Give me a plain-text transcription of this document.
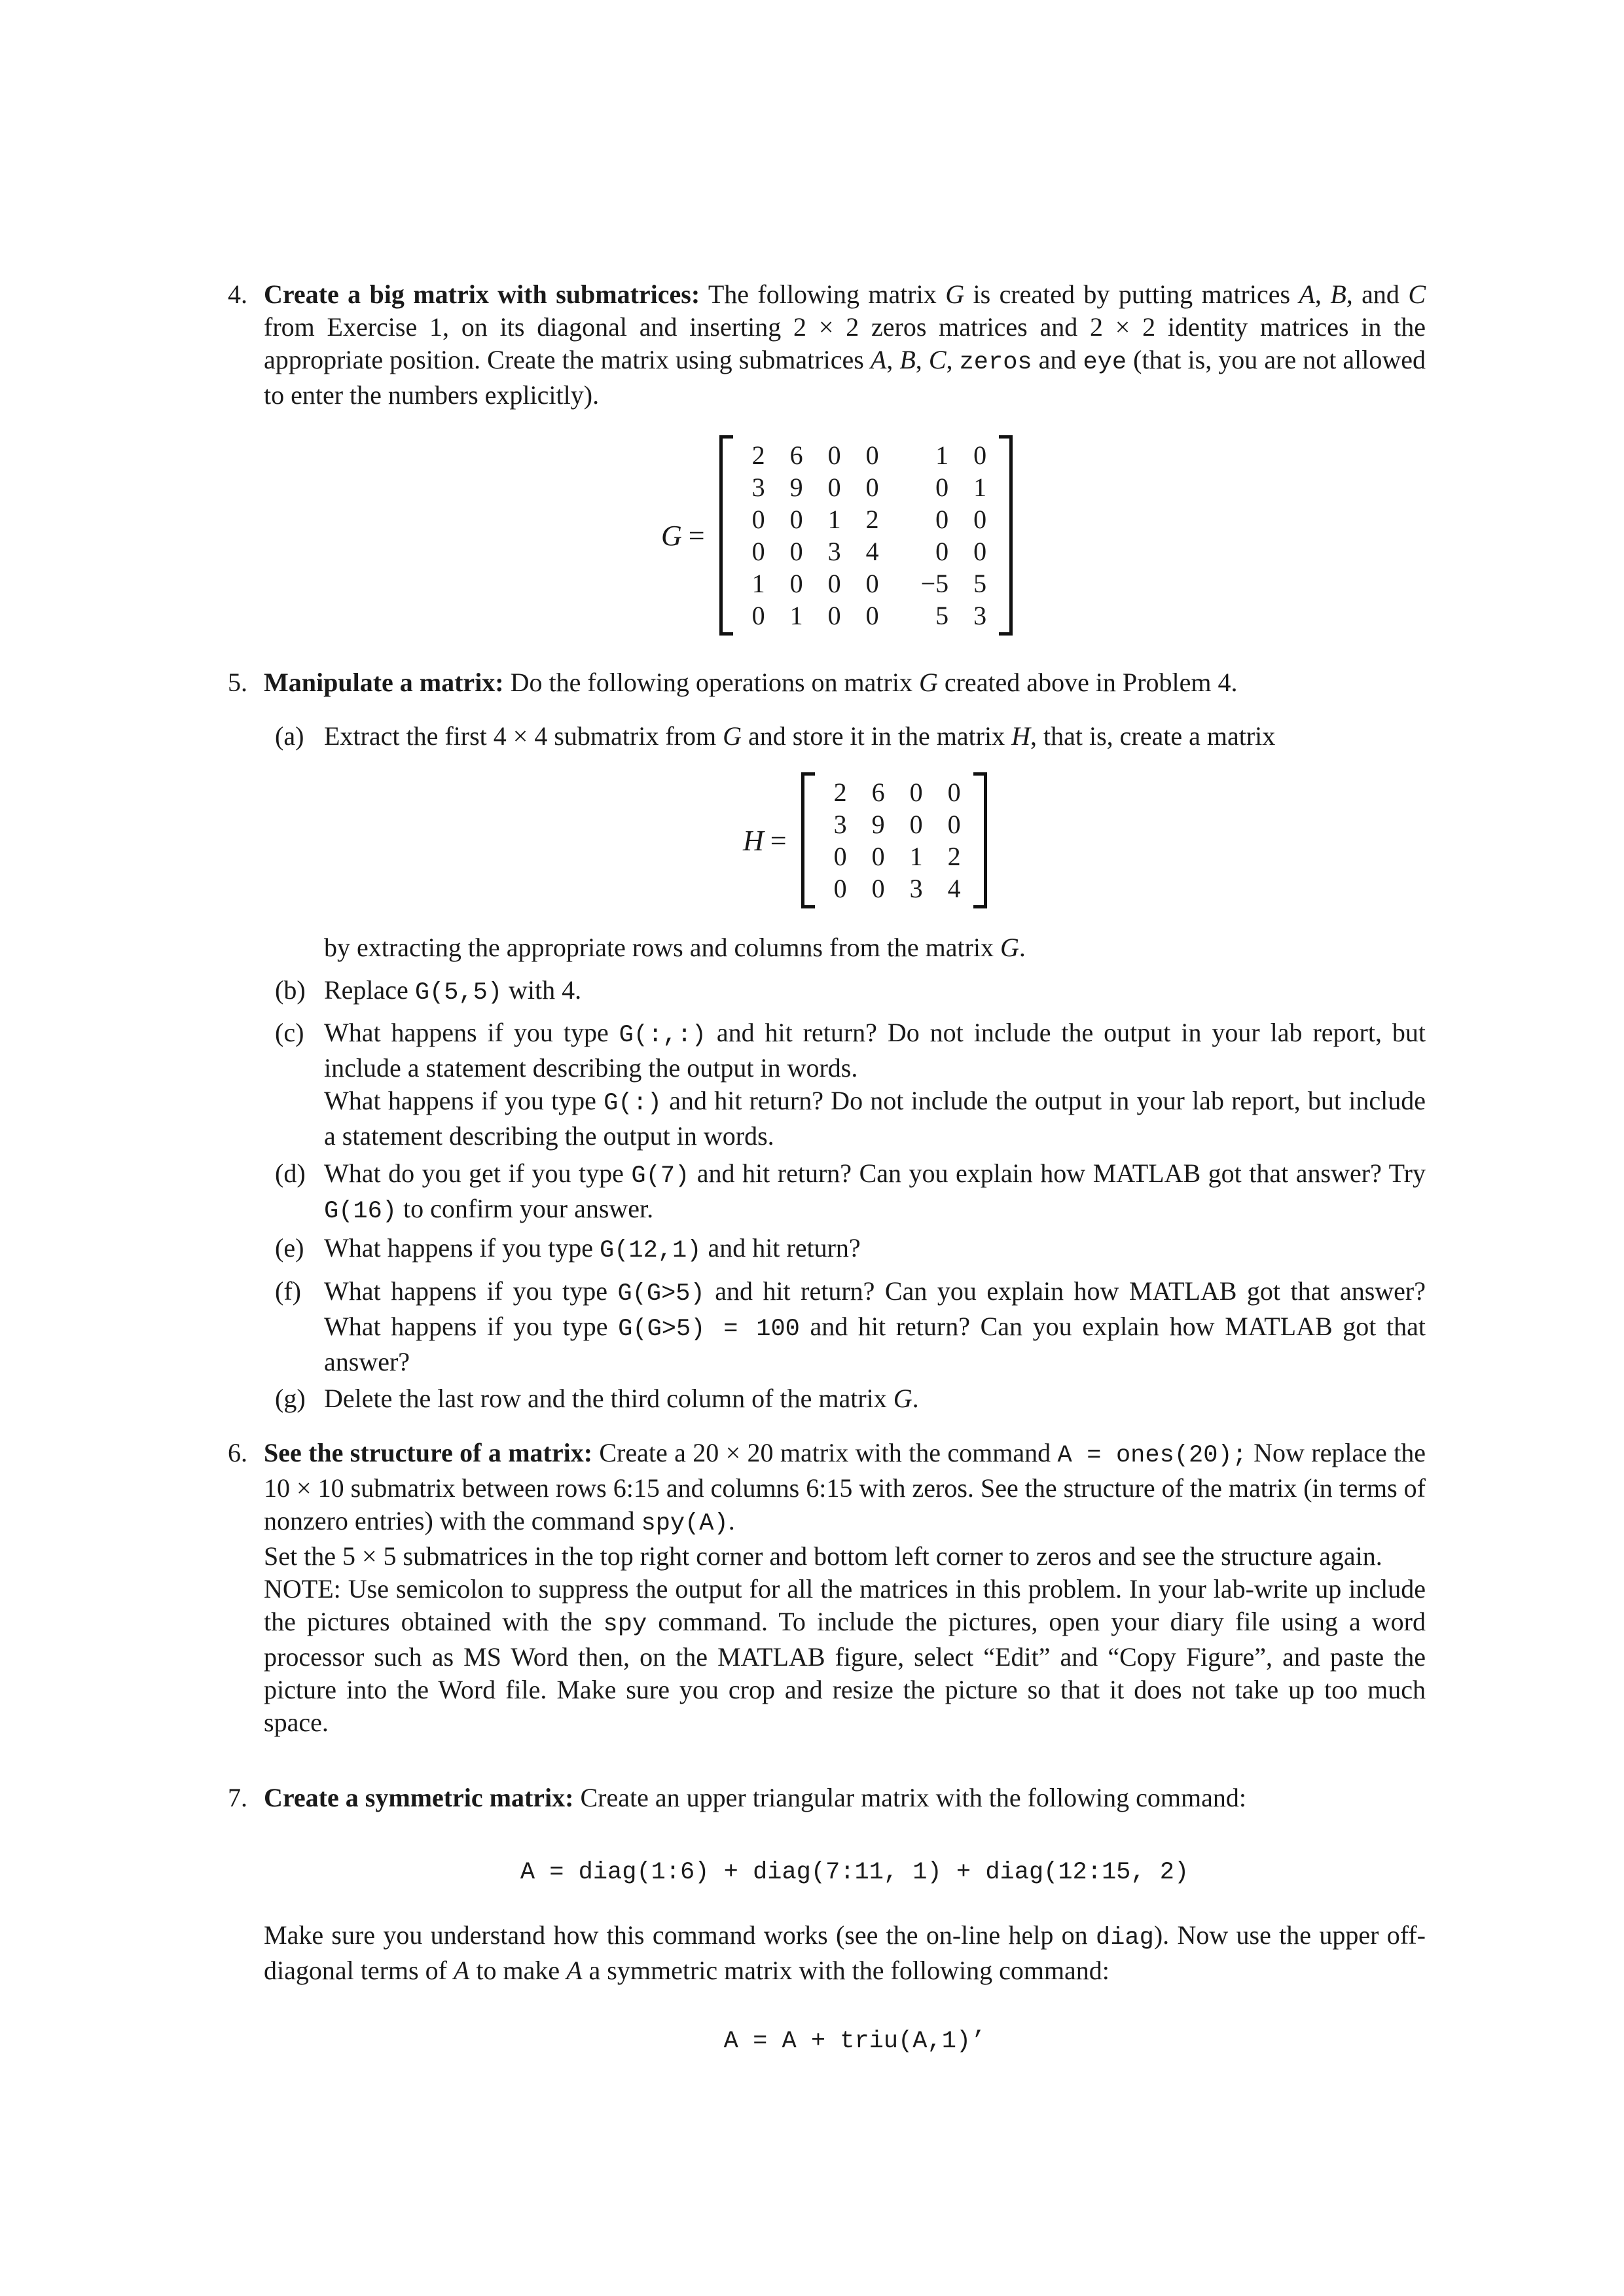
4. Create a big matrix with submatrices: The following matrix G is created by putting matrices A, B, and C from Exercise 1, on its diagonal and inserting 2 × 2 zeros matrices and 2 × 2 identity matrices in the appropriate position. Create the matrix using submatrices A, B, C, zeros and eye (that is, you are not allowed to enter the numbers explicitly).
G =
2	6	0	0	1	0
3	9	0	0	0	1
0	0	1	2	0	0
0	0	3	4	0	0
1	0	0	0	−5	5
0	1	0	0	5	3
5. Manipulate a matrix: Do the following operations on matrix G created above in Problem 4.
(a) Extract the first 4 × 4 submatrix from G and store it in the matrix H, that is, create a matrix
H =
2	6	0	0
3	9	0	0
0	0	1	2
0	0	3	4
by extracting the appropriate rows and columns from the matrix G.
(b) Replace G(5,5) with 4.
(c) What happens if you type G(:,:) and hit return? Do not include the output in your lab report, but include a statement describing the output in words.
What happens if you type G(:) and hit return? Do not include the output in your lab report, but include a statement describing the output in words.
(d) What do you get if you type G(7) and hit return? Can you explain how MATLAB got that answer? Try G(16) to confirm your answer.
(e) What happens if you type G(12,1) and hit return?
(f) What happens if you type G(G>5) and hit return? Can you explain how MATLAB got that answer? What happens if you type G(G>5) = 100 and hit return? Can you explain how MATLAB got that answer?
(g) Delete the last row and the third column of the matrix G.
6. See the structure of a matrix: Create a 20 × 20 matrix with the command A = ones(20); Now replace the 10 × 10 submatrix between rows 6:15 and columns 6:15 with zeros. See the structure of the matrix (in terms of nonzero entries) with the command spy(A).
Set the 5 × 5 submatrices in the top right corner and bottom left corner to zeros and see the structure again.
NOTE: Use semicolon to suppress the output for all the matrices in this problem. In your lab-write up include the pictures obtained with the spy command. To include the pictures, open your diary file using a word processor such as MS Word then, on the MATLAB figure, select “Edit” and “Copy Figure”, and paste the picture into the Word file. Make sure you crop and resize the picture so that it does not take up too much space.
7. Create a symmetric matrix: Create an upper triangular matrix with the following command:
A = diag(1:6) + diag(7:11, 1) + diag(12:15, 2)
Make sure you understand how this command works (see the on-line help on diag). Now use the upper off-diagonal terms of A to make A a symmetric matrix with the following command:
A = A + triu(A,1)’
